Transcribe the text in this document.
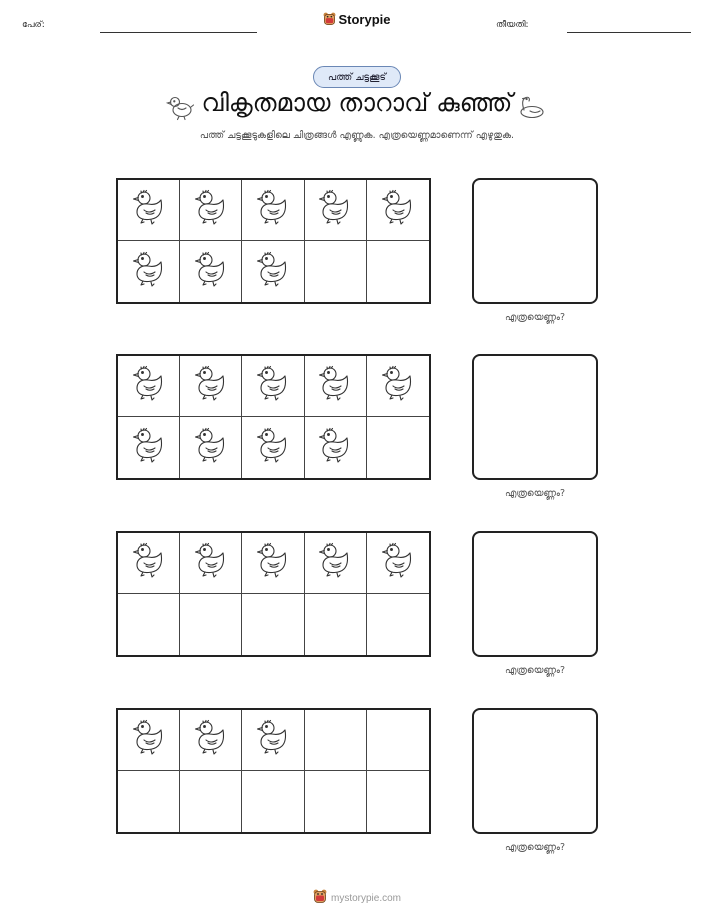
പേര്:	Storypie	തീയതി:
പത്ത് ചട്ടക്കൂട്
വികൃതമായ താറാവ് കുഞ്ഞ്
പത്ത് ചട്ടക്കൂടുകളിലെ ചിത്രങ്ങൾ എണ്ണുക. എത്രയെണ്ണമാണെന്ന് എഴുതുക.
എത്രയെണ്ണം?
എത്രയെണ്ണം?
എത്രയെണ്ണം?
എത്രയെണ്ണം?
mystorypie.com
